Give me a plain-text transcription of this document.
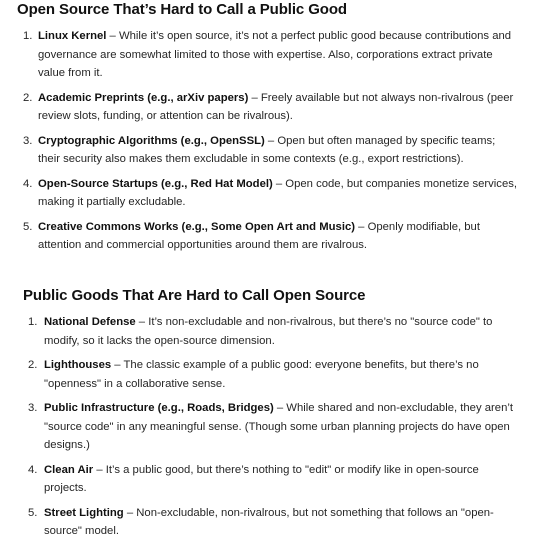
Open Source That’s Hard to Call a Public Good
1. Linux Kernel – While it’s open source, it’s not a perfect public good because contributions and governance are somewhat limited to those with expertise. Also, corporations extract private value from it.
2. Academic Preprints (e.g., arXiv papers) – Freely available but not always non-rivalrous (peer review slots, funding, or attention can be rivalrous).
3. Cryptographic Algorithms (e.g., OpenSSL) – Open but often managed by specific teams; their security also makes them excludable in some contexts (e.g., export restrictions).
4. Open-Source Startups (e.g., Red Hat Model) – Open code, but companies monetize services, making it partially excludable.
5. Creative Commons Works (e.g., Some Open Art and Music) – Openly modifiable, but attention and commercial opportunities around them are rivalrous.
Public Goods That Are Hard to Call Open Source
1. National Defense – It’s non-excludable and non-rivalrous, but there’s no "source code" to modify, so it lacks the open-source dimension.
2. Lighthouses – The classic example of a public good: everyone benefits, but there’s no "openness" in a collaborative sense.
3. Public Infrastructure (e.g., Roads, Bridges) – While shared and non-excludable, they aren’t "source code" in any meaningful sense. (Though some urban planning projects do have open designs.)
4. Clean Air – It’s a public good, but there’s nothing to "edit" or modify like in open-source projects.
5. Street Lighting – Non-excludable, non-rivalrous, but not something that follows an "open-source" model.
